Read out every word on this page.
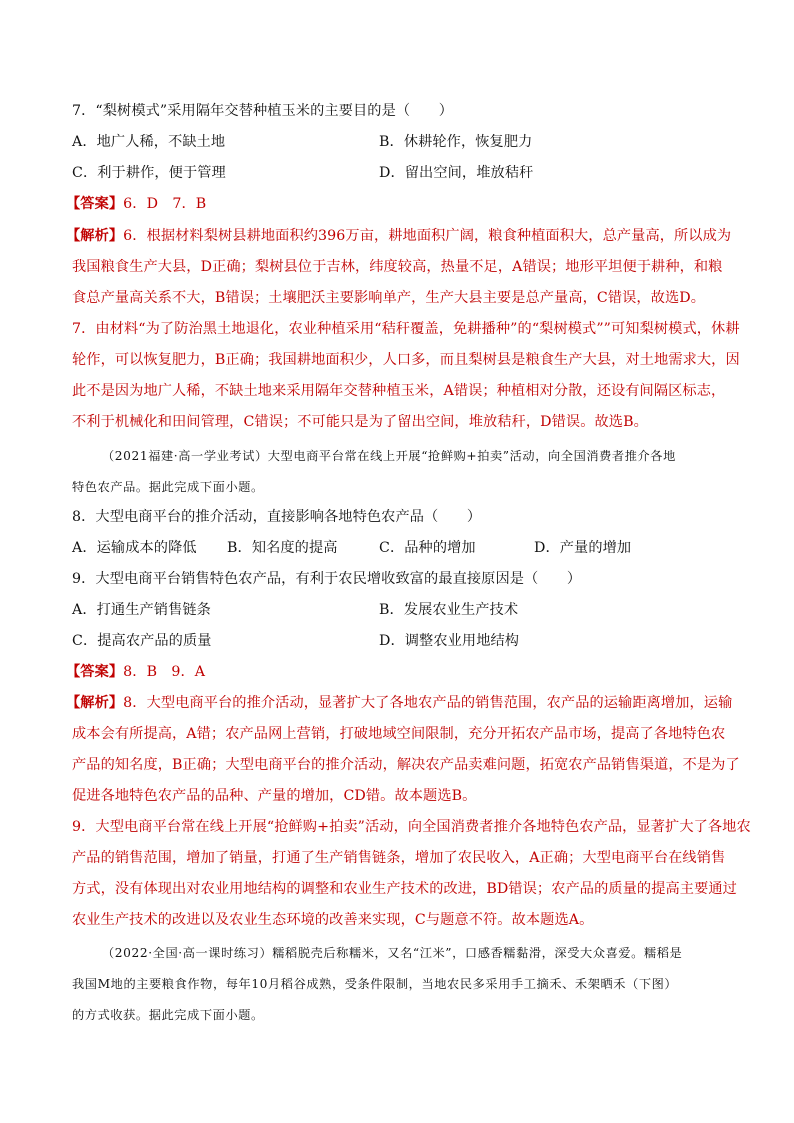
7．“梨树模式”采用隔年交替种植玉米的主要目的是（　　）

A．地广人稀，不缺土地	B．休耕轮作，恢复肥力

C．利于耕作，便于管理	D．留出空间，堆放秸秆

【答案】6．D　7．B

【解析】6．根据材料梨树县耕地面积约396万亩，耕地面积广阔，粮食种植面积大，总产量高，所以成为

我国粮食生产大县，D正确；梨树县位于吉林，纬度较高，热量不足，A错误；地形平坦便于耕种，和粮

食总产量高关系不大，B错误；土壤肥沃主要影响单产，生产大县主要是总产量高，C错误，故选D。

7．由材料“为了防治黑土地退化，农业种植采用“秸秆覆盖，免耕播种”的“梨树模式””可知梨树模式，休耕

轮作，可以恢复肥力，B正确；我国耕地面积少，人口多，而且梨树县是粮食生产大县，对土地需求大，因

此不是因为地广人稀，不缺土地来采用隔年交替种植玉米，A错误；种植相对分散，还设有间隔区标志，

不利于机械化和田间管理，C错误；不可能只是为了留出空间，堆放秸秆，D错误。故选B。

（2021福建·高一学业考试）大型电商平台常在线上开展“抢鲜购+拍卖”活动，向全国消费者推介各地

特色农产品。据此完成下面小题。

8．大型电商平台的推介活动，直接影响各地特色农产品（　　）

A．运输成本的降低 B．知名度的提高	C．品种的增加	D．产量的增加

9．大型电商平台销售特色农产品，有利于农民增收致富的最直接原因是（　　）

A．打通生产销售链条	B．发展农业生产技术

C．提高农产品的质量	D．调整农业用地结构

【答案】8．B　9．A

【解析】8．大型电商平台的推介活动，显著扩大了各地农产品的销售范围，农产品的运输距离增加，运输

成本会有所提高，A错；农产品网上营销，打破地域空间限制，充分开拓农产品市场，提高了各地特色农

产品的知名度，B正确；大型电商平台的推介活动，解决农产品卖难问题，拓宽农产品销售渠道，不是为了

促进各地特色农产品的品种、产量的增加，CD错。故本题选B。

9．大型电商平台常在线上开展“抢鲜购+拍卖”活动，向全国消费者推介各地特色农产品，显著扩大了各地农

产品的销售范围，增加了销量，打通了生产销售链条，增加了农民收入，A正确；大型电商平台在线销售

方式，没有体现出对农业用地结构的调整和农业生产技术的改进，BD错误；农产品的质量的提高主要通过

农业生产技术的改进以及农业生态环境的改善来实现，C与题意不符。故本题选A。

（2022·全国·高一课时练习）糯稻脱壳后称糯米，又名“江米”，口感香糯黏滑，深受大众喜爱。糯稻是

我国M地的主要粮食作物，每年10月稻谷成熟，受条件限制，当地农民多采用手工摘禾、禾架晒禾（下图）

的方式收获。据此完成下面小题。
